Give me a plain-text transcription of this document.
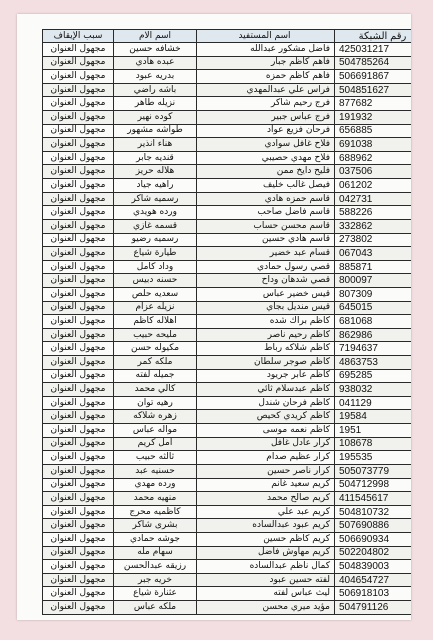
سبب الإيقاف	اسم الام	اسم المستفيد	رقم الشبكة
مجهول العنوان	خشافه حسين	فاضل مشكور عبدالله	425031217
مجهول العنوان	عبده هادي	فاهم كاظم جبار	504785264
مجهول العنوان	بدريه عبود	فاهم كاظم حمزه	506691867
مجهول العنوان	باشه راضي	فراس علي عبدالمهدي	504851627
مجهول العنوان	نزيله طاهر	فرج رحيم شاكر	877682
مجهول العنوان	كوده نهير	فرج عباس جبير	191932
مجهول العنوان	طواشه مشهور	فرحان فزيع عواد	656885
مجهول العنوان	هناء انذير	فلاح غافل سوادي	691038
مجهول العنوان	قنديه جابر	فلاح مهدي حصيبي	688962
مجهول العنوان	هلاله حريز	فليح دايخ ممن	037506
مجهول العنوان	راهيه جياد	فيصل غالب خليف	061202
مجهول العنوان	رسميه شاكر	قاسم حمزه هادي	042731
مجهول العنوان	ورده هويدي	قاسم فاضل صاحب	588226
مجهول العنوان	قسمه غازي	قاسم محسن حساب	332862
مجهول العنوان	رسميه رضيو	قاسم هادي حسين	273802
مجهول العنوان	طيارة شياع	قسام عبد خضير	067043
مجهول العنوان	وداد كامل	قصي رسول حمادي	885871
مجهول العنوان	حسنه دبيس	قصي شدهان وداح	800097
مجهول العنوان	سعديه حلص	قيس خضير عباس	807309
مجهول العنوان	نزيله عزام	قيس منديل بجاي	645015
مجهول العنوان	اهلاله كاظم	كاظم براك شده	681068
مجهول العنوان	مليحه حبيب	كاظم رحيم ناصر	862986
مجهول العنوان	مكيوله حسن	كاظم شلاكه رباط	7194637
مجهول العنوان	ملكه كمر	كاظم صوجر سلطان	4863753
مجهول العنوان	جميله لفته	كاظم عابر جريود	695285
مجهول العنوان	كالي محمد	كاظم عبدسلام ثائي	938032
مجهول العنوان	رهيه توان	كاظم فرحان شندل	041129
مجهول العنوان	زهره شلاكه	كاظم كريدي كحيص	19584
مجهول العنوان	مواله عباس	كاظم نعمه موسى	1951
مجهول العنوان	امل كريم	كرار عادل غافل	108678
مجهول العنوان	ثالثه حبيب	كرار عظيم صدام	195535
مجهول العنوان	حسنيه عبد	كرار ناصر حسين	505073779
مجهول العنوان	ورده مهدي	كريم سعيد غانم	504712998
مجهول العنوان	منهيه محمد	كريم صالح محمد	411545617
مجهول العنوان	كاظميه محرج	كريم عبد علي	504810732
مجهول العنوان	بشرى شاكر	كريم عبود عبدالساده	507690886
مجهول العنوان	جوشه حمادي	كريم كاظم حسين	506690934
مجهول العنوان	سهام مله	كريم مهاوش فاضل	502204802
مجهول العنوان	رزيقه عبدالحسن	كمال ناظم عبدالساده	504839003
مجهول العنوان	خريه جبر	لفته حسين عبود	404654727
مجهول العنوان	عثنارة شياع	ليث عباس لفته	506918103
مجهول العنوان	ملكه عباس	مؤيد ميري محسن	504791126
